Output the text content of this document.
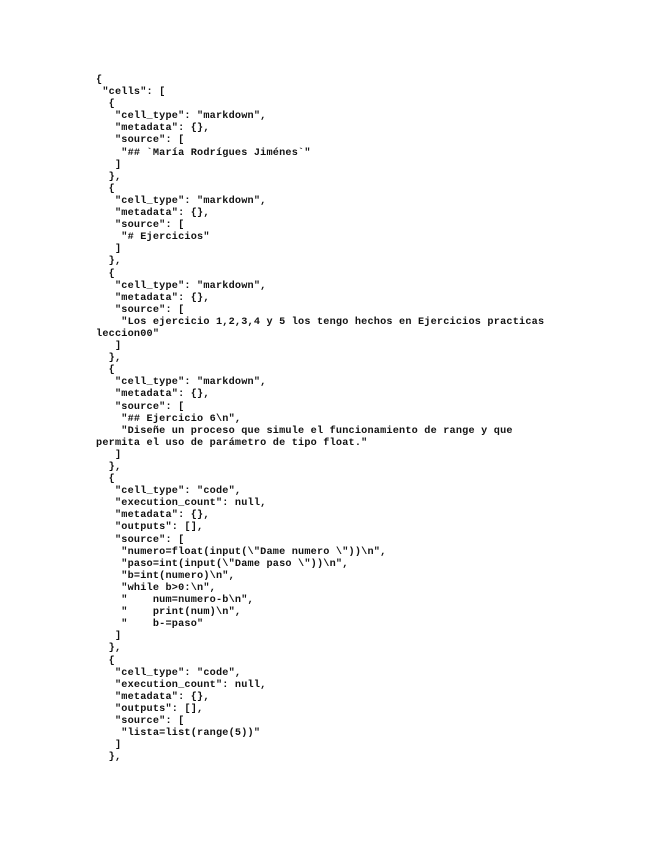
{
"cells": [
{
"cell_type": "markdown",
"metadata": {},
"source": [
"## `María Rodrígues Jiménes`"
]
},
{
"cell_type": "markdown",
"metadata": {},
"source": [
"# Ejercicios"
]
},
{
"cell_type": "markdown",
"metadata": {},
"source": [
"Los ejercicio 1,2,3,4 y 5 los tengo hechos en Ejercicios practicas
leccion00"
]
},
{
"cell_type": "markdown",
"metadata": {},
"source": [
"## Ejercicio 6\n",
"Diseñe un proceso que simule el funcionamiento de range y que
permita el uso de parámetro de tipo float."
]
},
{
"cell_type": "code",
"execution_count": null,
"metadata": {},
"outputs": [],
"source": [
"numero=float(input(\"Dame numero \"))\n",
"paso=int(input(\"Dame paso \"))\n",
"b=int(numero)\n",
"while b>0:\n",
"    num=numero-b\n",
"    print(num)\n",
"    b-=paso"
]
},
{
"cell_type": "code",
"execution_count": null,
"metadata": {},
"outputs": [],
"source": [
"lista=list(range(5))"
]
},
